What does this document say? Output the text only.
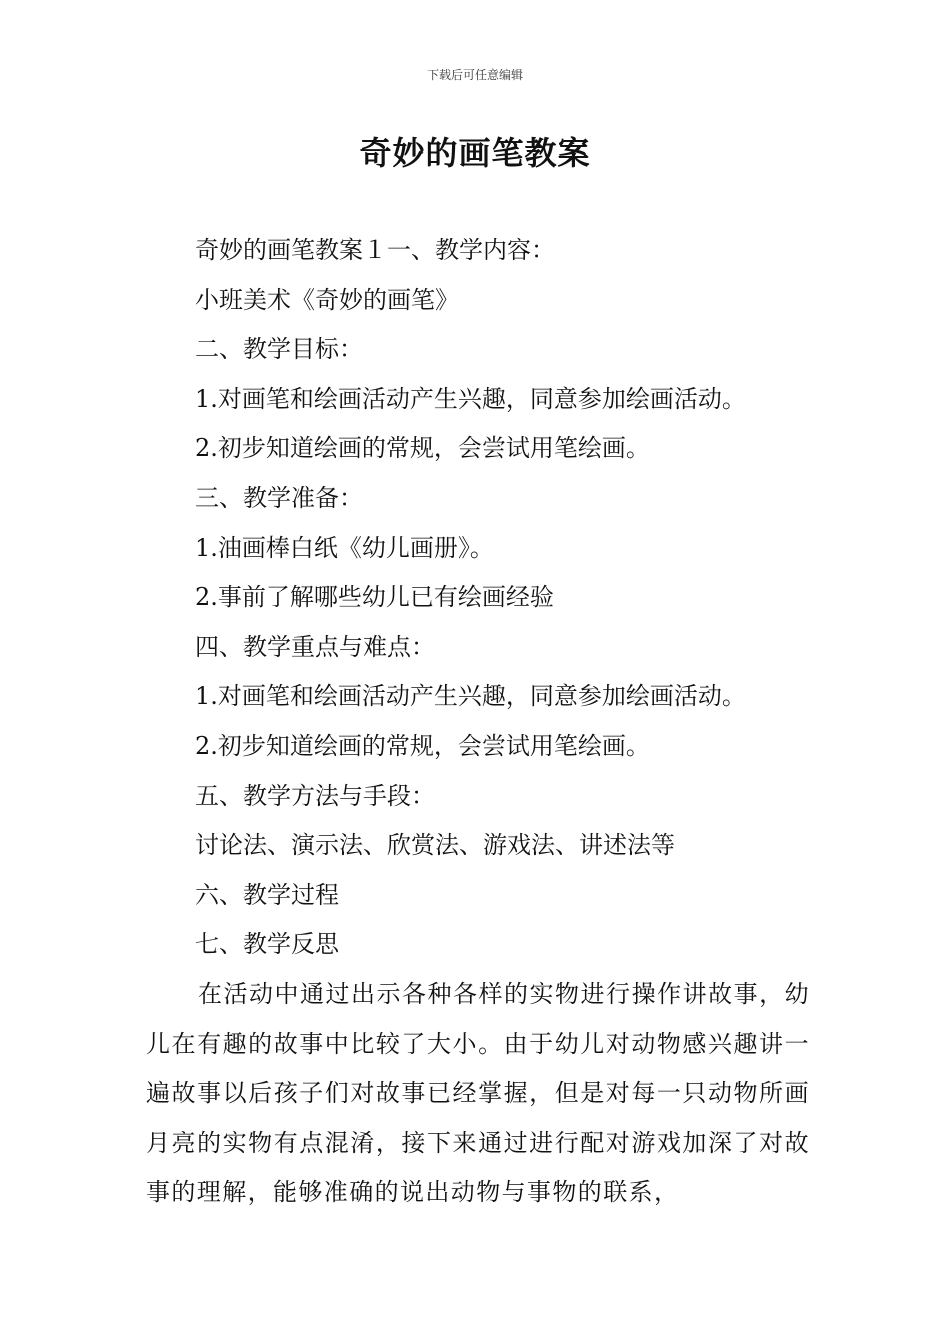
下载后可任意编辑
奇妙的画笔教案
奇妙的画笔教案１一、教学内容：
小班美术《奇妙的画笔》
二、教学目标：
1.对画笔和绘画活动产生兴趣，同意参加绘画活动。
2.初步知道绘画的常规，会尝试用笔绘画。
三、教学准备：
1.油画棒白纸《幼儿画册》。
2.事前了解哪些幼儿已有绘画经验
四、教学重点与难点：
1.对画笔和绘画活动产生兴趣，同意参加绘画活动。
2.初步知道绘画的常规，会尝试用笔绘画。
五、教学方法与手段：
讨论法、演示法、欣赏法、游戏法、讲述法等
六、教学过程
七、教学反思

在活动中通过出示各种各样的实物进行操作讲故事，幼儿在有趣的故事中比较了大小。由于幼儿对动物感兴趣讲一遍故事以后孩子们对故事已经掌握，但是对每一只动物所画月亮的实物有点混淆，接下来通过进行配对游戏加深了对故事的理解，能够准确的说出动物与事物的联系，
